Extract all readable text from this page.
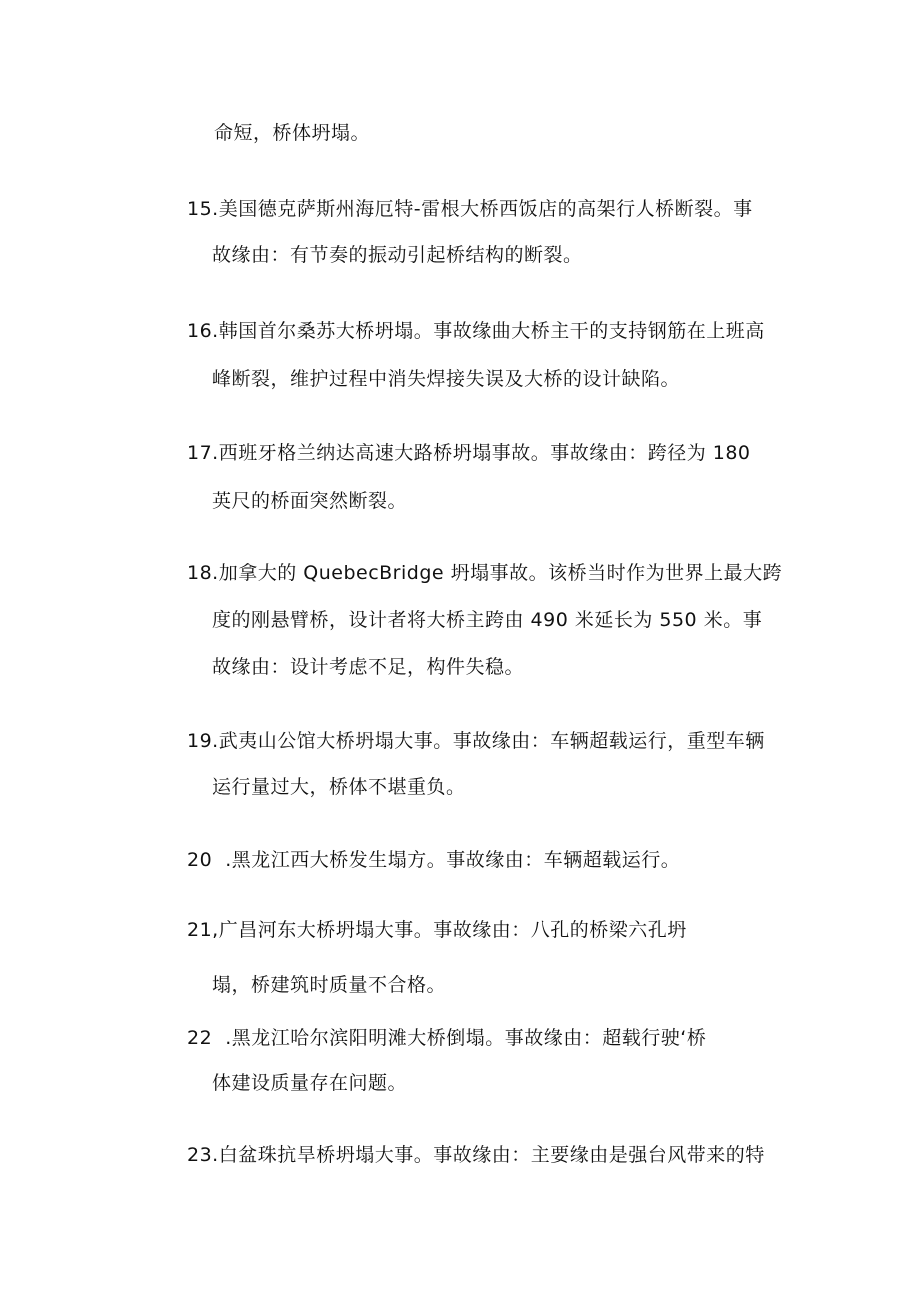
命短，桥体坍塌。
15.美国德克萨斯州海厄特-雷根大桥西饭店的高架行人桥断裂。事
故缘由：有节奏的振动引起桥结构的断裂。
16.韩国首尔桑苏大桥坍塌。事故缘曲大桥主干的支持钢筋在上班高
峰断裂，维护过程中消失焊接失误及大桥的设计缺陷。
17.西班牙格兰纳达高速大路桥坍塌事故。事故缘由：跨径为 180
英尺的桥面突然断裂。
18.加拿大的 QuebecBridge 坍塌事故。该桥当时作为世界上最大跨
度的刚悬臂桥，设计者将大桥主跨由 490 米延长为 550 米。事
故缘由：设计考虑不足，构件失稳。
19.武夷山公馆大桥坍塌大事。事故缘由：车辆超载运行，重型车辆
运行量过大，桥体不堪重负。
20  .黑龙江西大桥发生塌方。事故缘由：车辆超载运行。
21,广昌河东大桥坍塌大事。事故缘由：八孔的桥梁六孔坍
塌，桥建筑时质量不合格。
22  .黑龙江哈尔滨阳明滩大桥倒塌。事故缘由：超载行驶‘桥
体建设质量存在问题。
23.白盆珠抗旱桥坍塌大事。事故缘由：主要缘由是强台风带来的特
